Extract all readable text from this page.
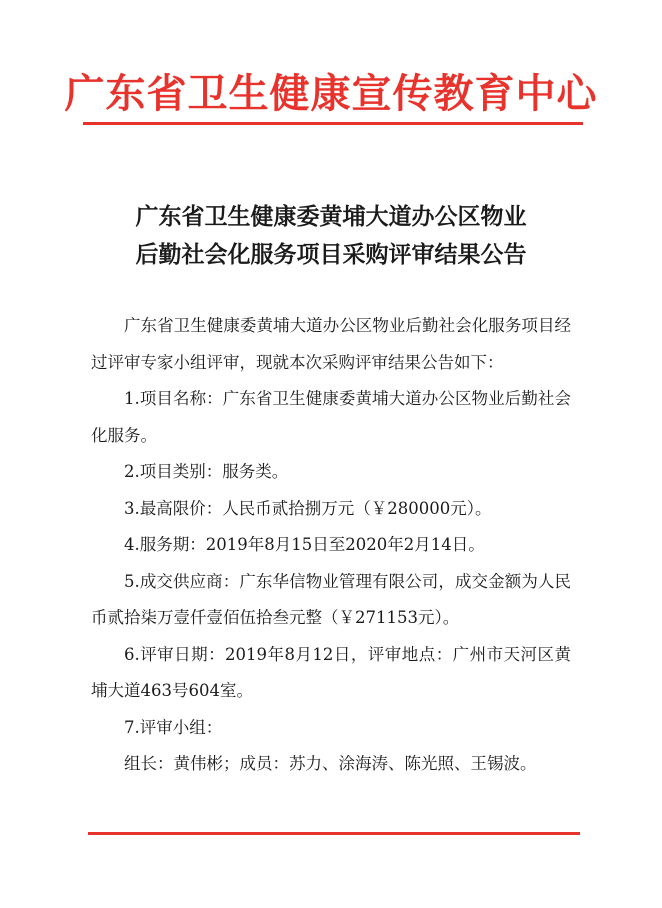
广东省卫生健康宣传教育中心
广东省卫生健康委黄埔大道办公区物业
后勤社会化服务项目采购评审结果公告

广东省卫生健康委黄埔大道办公区物业后勤社会化服务项目经过评审专家小组评审，现就本次采购评审结果公告如下：

1.项目名称：广东省卫生健康委黄埔大道办公区物业后勤社会化服务。

2.项目类别：服务类。

3.最高限价：人民币贰拾捌万元（￥280000元）。

4.服务期：2019年8月15日至2020年2月14日。

5.成交供应商：广东华信物业管理有限公司，成交金额为人民币贰拾柒万壹仟壹佰伍拾叁元整（￥271153元）。

6.评审日期：2019年8月12日，评审地点：广州市天河区黄埔大道463号604室。

7.评审小组：

组长：黄伟彬；成员：苏力、涂海涛、陈光照、王锡波。
